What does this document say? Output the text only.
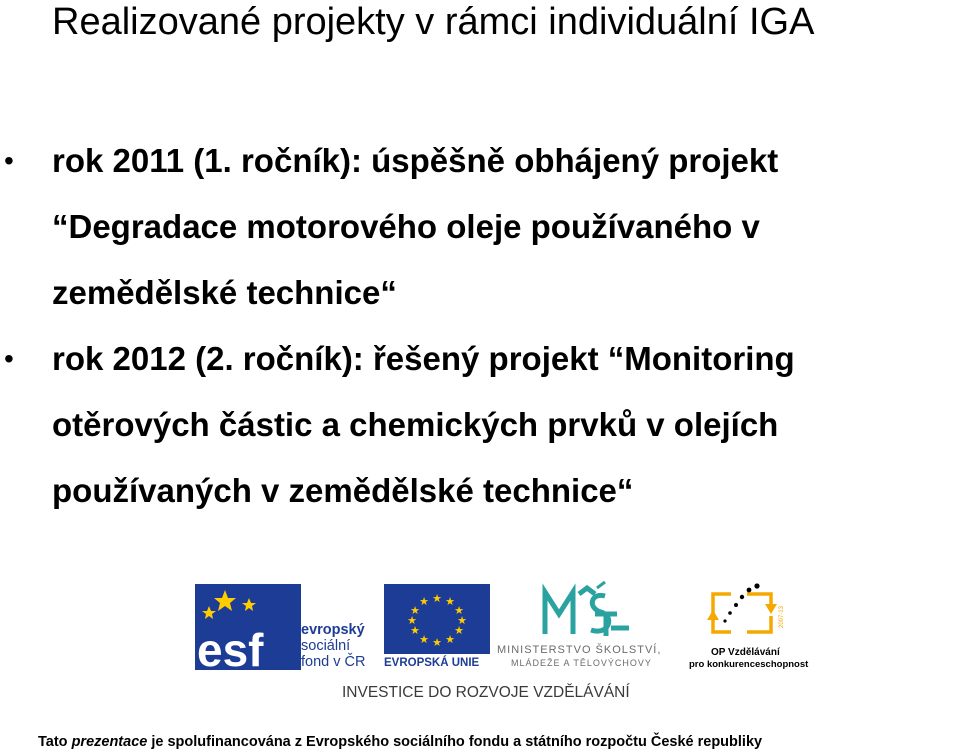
Realizované projekty v rámci individuální IGA
• rok 2011 (1. ročník): úspěšně obhájený projekt
“Degradace motorového oleje používaného v
zemědělské technice“
• rok 2012 (2. ročník): řešený projekt “Monitoring
otěrových částic a chemických prvků v olejích
používaných v zemědělské technice“
esf	evropský
sociální
fond v ČR
★ ★
★
★
★
★
★
★
★
★
★
★
EVROPSKÁ UNIE
MINISTERSTVO ŠKOLSTVÍ,
MLÁDEŽE A TĚLOVÝCHOVY
2007-13
OP Vzdělávání
pro konkurenceschopnost
INVESTICE DO ROZVOJE VZDĚLÁVÁNÍ
Tato prezentace je spolufinancována z Evropského sociálního fondu a státního rozpočtu České republiky
